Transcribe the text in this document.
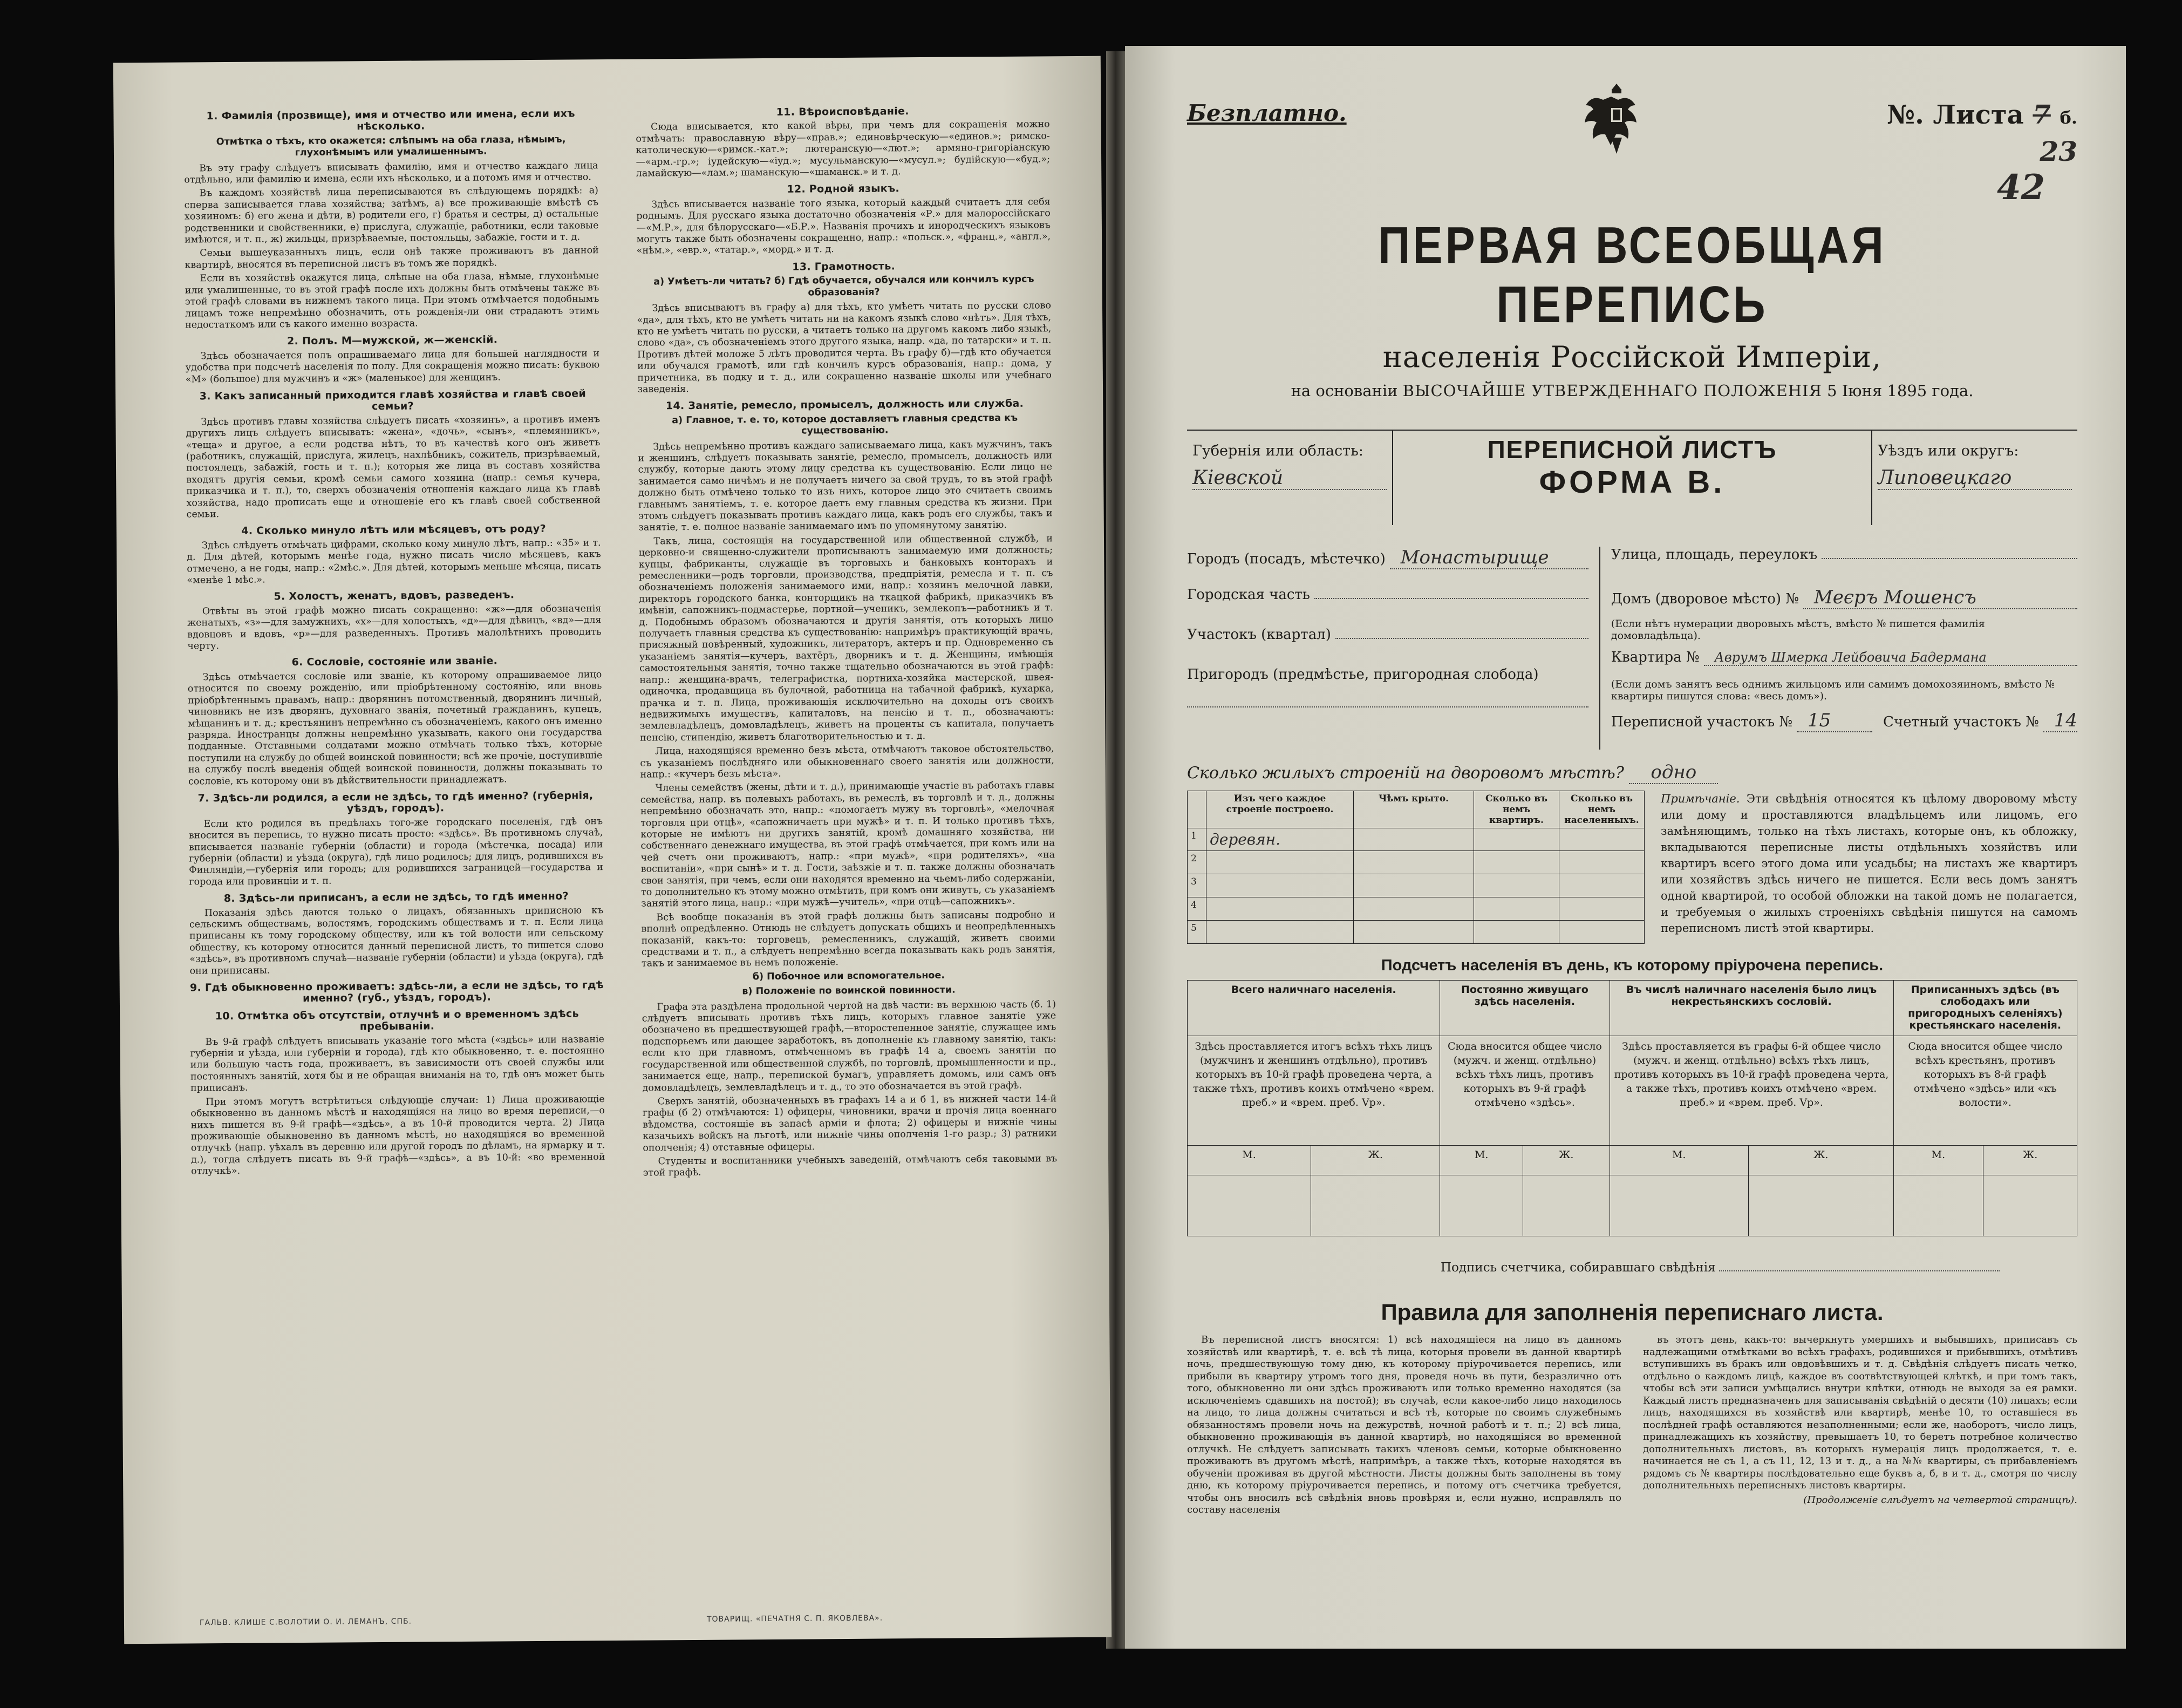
1. Фамилія (прозвище), имя и отчество или имена, если ихъ нѣсколько.
Отмѣтка о тѣхъ, кто окажется: слѣпымъ на оба глаза, нѣмымъ, глухонѣмымъ или умалишеннымъ.

Въ эту графу слѣдуетъ вписывать фамилію, имя и отчество каждаго лица отдѣльно, или фамилію и имена, если ихъ нѣсколько, и а потомъ имя и отчество.

Въ каждомъ хозяйствѣ лица переписываются въ слѣдующемъ порядкѣ: а) сперва записывается глава хозяйства; затѣмъ, а) все проживающіе вмѣстѣ съ хозяиномъ: б) его жена и дѣти, в) родители его, г) братья и сестры, д) остальные родственники и свойственники, е) прислуга, служащіе, работники, если таковые имѣются, и т. п., ж) жильцы, призрѣваемые, постояльцы, забажіе, гости и т. д.

Семьи вышеуказанныхъ лицъ, если онѣ также проживаютъ въ данной квартирѣ, вносятся въ переписной листъ въ томъ же порядкѣ.

Если въ хозяйствѣ окажутся лица, слѣпые на оба глаза, нѣмые, глухонѣмые или умалишенные, то въ этой графѣ после ихъ должны быть отмѣчены также въ этой графѣ словами въ нижнемъ такого лица. При этомъ отмѣчается подобнымъ лицамъ тоже непремѣнно обозначить, отъ рожденія-ли они страдаютъ этимъ недостаткомъ или съ какого именно возраста.

2. Полъ. М—мужской, ж—женскій.

Здѣсь обозначается полъ опрашиваемаго лица для большей наглядности и удобства при подсчетѣ населенія по полу. Для сокращенія можно писать: буквою «М» (большое) для мужчинъ и «ж» (маленькое) для женщинъ.

3. Какъ записанный приходится главѣ хозяйства и главѣ своей семьи?

Здѣсь противъ главы хозяйства слѣдуетъ писать «хозяинъ», а противъ именъ другихъ лицъ слѣдуетъ вписывать: «жена», «дочь», «сынъ», «племянникъ», «теща» и другое, а если родства нѣтъ, то въ качествѣ кого онъ живетъ (работникъ, служащій, прислуга, жилецъ, нахлѣбникъ, сожитель, призрѣваемый, постоялецъ, забажій, гость и т. п.); которыя же лица въ составъ хозяйства входятъ другія семьи, кромѣ семьи самого хозяина (напр.: семья кучера, приказчика и т. п.), то, сверхъ обозначенія отношенія каждаго лица къ главѣ хозяйства, надо прописать еще и отношеніе его къ главѣ своей собственной семьи.

4. Сколько минуло лѣтъ или мѣсяцевъ, отъ роду?

Здѣсь слѣдуетъ отмѣчать цифрами, сколько кому минуло лѣтъ, напр.: «35» и т. д. Для дѣтей, которымъ менѣе года, нужно писать число мѣсяцевъ, какъ отмечено, а не годы, напр.: «2мѣс.». Для дѣтей, которымъ меньше мѣсяца, писать «менѣе 1 мѣс.».

5. Холостъ, женатъ, вдовъ, разведенъ.

Отвѣты въ этой графѣ можно писать сокращенно: «ж»—для обозначенія женатыхъ, «з»—для замужнихъ, «х»—для холостыхъ, «д»—для дѣвицъ, «вд»—для вдовцовъ и вдовъ, «р»—для разведенныхъ. Противъ малолѣтнихъ проводить черту.

6. Сословіе, состояніе или званіе.

Здѣсь отмѣчается сословіе или званіе, къ которому опрашиваемое лицо относится по своему рожденію, или пріобрѣтенному состоянію, или вновь пріобрѣтеннымъ правамъ, напр.: дворянинъ потомственный, дворянинъ личный, чиновникъ не изъ дворянъ, духовнаго званія, почетный гражданинъ, купецъ, мѣщанинъ и т. д.; крестьянинъ непремѣнно съ обозначеніемъ, какого онъ именно разряда. Иностранцы должны непремѣнно указывать, какого они государства подданные. Отставными солдатами можно отмѣчать только тѣхъ, которые поступили на службу до общей воинской повинности; всѣ же прочіе, поступившіе на службу послѣ введенія общей воинской повинности, должны показывать то сословіе, къ которому они въ дѣйствительности принадлежатъ.

7. Здѣсь-ли родился, а если не здѣсь, то гдѣ именно? (губернія, уѣздъ, городъ).

Если кто родился въ предѣлахъ того-же городскаго поселенія, гдѣ онъ вносится въ перепись, то нужно писать просто: «здѣсь». Въ противномъ случаѣ, вписывается названіе губерніи (области) и города (мѣстечка, посада) или губерніи (области) и уѣзда (округа), гдѣ лицо родилось; для лицъ, родившихся въ Финляндіи,—губернія или городъ; для родившихся заграницей—государства и города или провинціи и т. п.

8. Здѣсь-ли приписанъ, а если не здѣсь, то гдѣ именно?

Показанія здѣсь даются только о лицахъ, обязанныхъ приписною къ сельскимъ обществамъ, волостямъ, городскимъ обществамъ и т. п. Если лица приписаны къ тому городскому обществу, или къ той волости или сельскому обществу, къ которому относится данный переписной листъ, то пишется слово «здѣсь», въ противномъ случаѣ—названіе губерніи (области) и уѣзда (округа), гдѣ они приписаны.

9. Гдѣ обыкновенно проживаетъ: здѣсь-ли, а если не здѣсь, то гдѣ именно? (губ., уѣздъ, городъ).
10. Отмѣтка объ отсутствіи, отлучнѣ и о временномъ здѣсь пребываніи.

Въ 9-й графѣ слѣдуетъ вписывать указаніе того мѣста («здѣсь» или названіе губерніи и уѣзда, или губерніи и города), гдѣ кто обыкновенно, т. е. постоянно или большую часть года, проживаетъ, въ зависимости отъ своей службы или постоянныхъ занятій, хотя бы и не обращая вниманія на то, гдѣ онъ может быть приписанъ.

При этомъ могутъ встрѣтиться слѣдующіе случаи: 1) Лица проживающіе обыкновенно въ данномъ мѣстѣ и находящіяся на лицо во время переписи,—о нихъ пишется въ 9-й графѣ—«здѣсь», а въ 10-й проводится черта. 2) Лица проживающіе обыкновенно въ данномъ мѣстѣ, но находящіяся во временной отлучкѣ (напр. уѣхалъ въ деревню или другой городъ по дѣламъ, на ярмарку и т. д.), тогда слѣдуетъ писать въ 9-й графѣ—«здѣсь», а въ 10-й: «во временной отлучкѣ».

11. Вѣроисповѣданіе.

Сюда вписывается, кто какой вѣры, при чемъ для сокращенія можно отмѣчать: православную вѣру—«прав.»; единовѣрческую—«единов.»; римско-католическую—«римск.-кат.»; лютеранскую—«лют.»; армяно-григоріанскую—«арм.-гр.»; іудейскую—«іуд.»; мусульманскую—«мусул.»; будійскую—«буд.»; ламайскую—«лам.»; шаманскую—«шаманск.» и т. д.

12. Родной языкъ.

Здѣсь вписывается названіе того языка, который каждый считаетъ для себя роднымъ. Для русскаго языка достаточно обозначенія «Р.» для малороссійскаго—«М.Р.», для бѣлорусскаго—«Б.Р.». Названія прочихъ и инородческихъ языковъ могутъ также быть обозначены сокращенно, напр.: «польск.», «франц.», «англ.», «нѣм.», «евр.», «татар.», «морд.» и т. д.

13. Грамотность.
а) Умѣетъ-ли читать? б) Гдѣ обучается, обучался или кончилъ курсъ образованія?

Здѣсь вписываютъ въ графу а) для тѣхъ, кто умѣетъ читать по русски слово «да», для тѣхъ, кто не умѣетъ читать ни на какомъ языкѣ слово «нѣтъ». Для тѣхъ, кто не умѣетъ читать по русски, а читаетъ только на другомъ какомъ либо языкѣ, слово «да», съ обозначеніемъ этого другого языка, напр. «да, по татарски» и т. п. Противъ дѣтей моложе 5 лѣтъ проводится черта. Въ графу б)—гдѣ кто обучается или обучался грамотѣ, или гдѣ кончилъ курсъ образованія, напр.: дома, у причетника, въ подку и т. д., или сокращенно названіе школы или учебнаго заведенія.

14. Занятіе, ремесло, промыселъ, должность или служба.
а) Главное, т. е. то, которое доставляетъ главныя средства къ существованію.

Здѣсь непремѣнно противъ каждаго записываемаго лица, какъ мужчинъ, такъ и женщинъ, слѣдуетъ показывать занятіе, ремесло, промыселъ, должность или службу, которые даютъ этому лицу средства къ существованію. Если лицо не занимается само ничѣмъ и не получаетъ ничего за свой трудъ, то въ этой графѣ должно быть отмѣчено только то изъ нихъ, которое лицо это считаетъ своимъ главнымъ занятіемъ, т. е. которое даетъ ему главныя средства къ жизни. При этомъ слѣдуетъ показывать противъ каждаго лица, какъ родъ его службы, такъ и занятіе, т. е. полное названіе занимаемаго имъ по упомянутому занятію.

Такъ, лица, состоящія на государственной или общественной службѣ, и церковно-и священно-служители прописываютъ занимаемую ими должность; купцы, фабриканты, служащіе въ торговыхъ и банковыхъ конторахъ и ремесленники—родъ торговли, производства, предпріятія, ремесла и т. п. съ обозначеніемъ положенія занимаемого ими, напр.: хозяинъ мелочной лавки, директоръ городского банка, конторщикъ на ткацкой фабрикѣ, приказчикъ въ имѣніи, сапожникъ-подмастерье, портной—ученикъ, землекопъ—работникъ и т. д. Подобнымъ образомъ обозначаются и другія занятія, отъ которыхъ лицо получаетъ главныя средства къ существованію: напримѣръ практикующій врачъ, присяжный повѣренный, художникъ, литераторъ, актеръ и пр. Одновременно съ указаніемъ занятія—кучеръ, вахтёръ, дворникъ и т. д. Женщины, имѣющія самостоятельныя занятія, точно также тщательно обозначаются въ этой графѣ: напр.: женщина-врачъ, телеграфистка, портниха-хозяйка мастерской, швея-одиночка, продавщица въ булочной, работница на табачной фабрикѣ, кухарка, прачка и т. п. Лица, проживающія исключительно на доходы отъ своихъ недвижимыхъ имуществъ, капиталовъ, на пенсію и т. п., обозначаютъ: землевладѣлецъ, домовладѣлецъ, живетъ на проценты съ капитала, получаетъ пенсію, стипендію, живетъ благотворительностью и т. д.

Лица, находящіяся временно безъ мѣста, отмѣчаютъ таковое обстоятельство, съ указаніемъ послѣдняго или обыкновеннаго своего занятія или должности, напр.: «кучеръ безъ мѣста».

Члены семействъ (жены, дѣти и т. д.), принимающіе участіе въ работахъ главы семейства, напр. въ полевыхъ работахъ, въ ремеслѣ, въ торговлѣ и т. д., должны непремѣнно обозначать это, напр.: «помогаетъ мужу въ торговлѣ», «мелочная торговля при отцѣ», «сапожничаетъ при мужѣ» и т. п. И только противъ тѣхъ, которые не имѣютъ ни другихъ занятій, кромѣ домашняго хозяйства, ни собственнаго денежнаго имущества, въ этой графѣ отмѣчается, при комъ или на чей счетъ они проживаютъ, напр.: «при мужѣ», «при родителяхъ», «на воспитаніи», «при сынѣ» и т. д. Гости, заѣзжіе и т. п. также должны обозначать свои занятія, при чемъ, если они находятся временно на чьемъ-либо содержаніи, то дополнительно къ этому можно отмѣтить, при комъ они живутъ, съ указаніемъ занятій этого лица, напр.: «при мужѣ—учитель», «при отцѣ—сапожникъ».

Всѣ вообще показанія въ этой графѣ должны быть записаны подробно и вполнѣ опредѣленно. Отнюдь не слѣдуетъ допускать общихъ и неопредѣленныхъ показаній, какъ-то: торговецъ, ремесленникъ, служащій, живетъ своими средствами и т. п., а слѣдуетъ непремѣнно всегда показывать какъ родъ занятія, такъ и занимаемое въ немъ положеніе.

б) Побочное или вспомогательное.
в) Положеніе по воинской повинности.

Графа эта раздѣлена продольной чертой на двѣ части: въ верхнюю часть (б. 1) слѣдуетъ вписывать противъ тѣхъ лицъ, которыхъ главное занятіе уже обозначено въ предшествующей графѣ,—второстепенное занятіе, служащее имъ подспорьемъ или дающее заработокъ, въ дополненіе къ главному занятію, такъ: если кто при главномъ, отмѣченномъ въ графѣ 14 а, своемъ занятіи по государственной или общественной службѣ, по торговлѣ, промышленности и пр., занимается еще, напр., перепиской бумагъ, управляетъ домомъ, или самъ онъ домовладѣлецъ, землевладѣлецъ и т. д., то это обозначается въ этой графѣ.

Сверхъ занятій, обозначенныхъ въ графахъ 14 а и б 1, въ нижней части 14-й графы (б 2) отмѣчаются: 1) офицеры, чиновники, врачи и прочія лица военнаго вѣдомства, состоящіе въ запасѣ арміи и флота; 2) офицеры и нижніе чины казачьихъ войскъ на льготѣ, или нижніе чины ополченія 1-го разр.; 3) ратники ополченія; 4) отставные офицеры.

Студенты и воспитанники учебныхъ заведеній, отмѣчаютъ себя таковыми въ этой графѣ.

ГАЛЬВ. КЛИШЕ С.ВОЛОТИИ О. И. ЛЕМАНЪ, СПБ.	ТОВАРИЩ. «ПЕЧАТНЯ С. П. ЯКОВЛЕВА».
Безплатно.	№. Листа 7 б.
23
42
ПЕРВАЯ ВСЕОБЩАЯ ПЕРЕПИСЬ
населенія Россійской Имперіи,
на основаніи ВЫСОЧАЙШЕ УТВЕРЖДЕННАГО ПОЛОЖЕНІЯ 5 Іюня 1895 года.
Губернія или область:
Кіевской
ПЕРЕПИСНОЙ ЛИСТЪ
ФОРМА В.
Уѣздъ или округъ:
Липовецкаго
Городъ (посадъ, мѣстечко) Монастырище
Городская часть
Участокъ (квартал)
Пригородъ (предмѣстье, пригородная слобода)
Улица, площадь, переулокъ
Домъ (дворовое мѣсто) № Меєръ Мошенсъ
(Если нѣтъ нумерации дворовыхъ мѣстъ, вмѣсто № пишется фамилія домовладѣльца).
Квартира №	Аврумъ Шмерка Лейбовича Бадермана
(Если домъ занятъ весь однимъ жильцомъ или самимъ домохозяиномъ, вмѣсто № квартиры пишутся слова: «весь домъ»).
Переписной участокъ № 15	Счетный участокъ № 14
Сколько жилыхъ строеній на дворовомъ мѣстѣ? одно
	Изъ чего каждое строеніе построено.	Чѣмъ крыто.	Сколько въ немъ квартиръ.	Сколько въ немъ населенныхъ.
1	деревян.			
2				
3				
4				
5				
Примѣчаніе. Эти свѣдѣнія относятся къ цѣлому дворовому мѣсту или дому и проставляются владѣльцемъ или лицомъ, его замѣняющимъ, только на тѣхъ листахъ, которые онъ, къ обложку, вкладываются переписные листы отдѣльныхъ хозяйствъ или квартиръ всего этого дома или усадьбы; на листахъ же квартиръ или хозяйствъ здѣсь ничего не пишется. Если весь домъ занятъ одной квартирой, то особой обложки на такой домъ не полагается, и требуемыя о жилыхъ строеніяхъ свѣдѣнія пишутся на самомъ переписномъ листѣ этой квартиры.
Подсчетъ населенія въ день, къ которому пріурочена перепись.
Всего наличнаго населенія.		Постоянно живущаго здѣсь населенія.		Въ числѣ наличнаго населенія было лицъ некрестьянскихъ сословій.		Приписанныхъ здѣсь (въ слободахъ или пригородныхъ селеніяхъ) крестьянскаго населенія.	
Здѣсь проставляется итогъ всѣхъ тѣхъ лицъ (мужчинъ и женщинъ отдѣльно), противъ которыхъ въ 10-й графѣ проведена черта, а также тѣхъ, противъ коихъ отмѣчено «врем. преб.» и «врем. преб. Vр».		Сюда вносится общее число (мужч. и женщ. отдѣльно) всѣхъ тѣхъ лицъ, противъ которыхъ въ 9-й графѣ отмѣчено «здѣсь».		Здѣсь проставляется въ графы 6-й общее число (мужч. и женщ. отдѣльно) всѣхъ тѣхъ лицъ, противъ которыхъ въ 10-й графѣ проведена черта, а также тѣхъ, противъ коихъ отмѣчено «врем. преб.» и «врем. преб. Vр».		Сюда вносится общее число всѣхъ крестьянъ, противъ которыхъ въ 8-й графѣ отмѣчено «здѣсь» или «къ волости».	
М.	Ж.	М.	Ж.	М.	Ж.	М.	Ж.

Подпись счетчика, собиравшаго свѣдѣнія
Правила для заполненія переписнаго листа.

Въ переписной листъ вносятся: 1) всѣ находящіеся на лицо въ данномъ хозяйствѣ или квартирѣ, т. е. всѣ тѣ лица, которыя провели въ данной квартирѣ ночь, предшествующую тому дню, къ которому пріурочивается перепись, или прибыли въ квартиру утромъ того дня, проведя ночь въ пути, безразлично отъ того, обыкновенно ли они здѣсь проживаютъ или только временно находятся (за исключеніемъ сдавшихъ на постой); въ случаѣ, если какое-либо лицо находилось на лицо, то лица должны считаться и всѣ тѣ, которые по своимъ служебнымъ обязанностямъ провели ночь на дежурствѣ, ночной работѣ и т. п.; 2) всѣ лица, обыкновенно проживающія въ данной квартирѣ, но находящіяся во временной отлучкѣ. Не слѣдуетъ записывать такихъ членовъ семьи, которые обыкновенно проживаютъ въ другомъ мѣстѣ, напримѣръ, а также тѣхъ, которые находятся въ обученіи проживая въ другой мѣстности. Листы должны быть заполнены въ тому дню, къ которому пріурочивается перепись, и потому отъ счетчика требуется, чтобы онъ вносилъ всѣ свѣдѣнія вновь провѣряя и, если нужно, исправлялъ по составу населенія

въ этотъ день, какъ-то: вычеркнутъ умершихъ и выбывшихъ, приписавъ съ надлежащими отмѣтками во всѣхъ графахъ, родившихся и прибывшихъ, отмѣтивъ вступившихъ въ бракъ или овдовѣвшихъ и т. д. Свѣдѣнія слѣдуетъ писать четко, отдѣльно о каждомъ лицѣ, каждое въ соотвѣтствующей клѣткѣ, и при томъ такъ, чтобы всѣ эти записи умѣщались внутри клѣтки, отнюдь не выходя за ея рамки. Каждый листъ предназначенъ для записыванія свѣдѣній о десяти (10) лицахъ; если лицъ, находящихся въ хозяйствѣ или квартирѣ, менѣе 10, то оставшіеся въ послѣдней графѣ оставляются незаполненными; если же, наоборотъ, число лицъ, принадлежащихъ къ хозяйству, превышаетъ 10, то беретъ потребное количество дополнительныхъ листовъ, въ которыхъ нумерація лицъ продолжается, т. е. начинается не съ 1, а съ 11, 12, 13 и т. д., а на №№ квартиры, съ прибавленіемъ рядомъ съ № квартиры послѣдовательно еще буквъ а, б, в и т. д., смотря по числу дополнительныхъ переписныхъ листовъ квартиры.

(Продолженіе слѣдуетъ на четвертой страницѣ).
